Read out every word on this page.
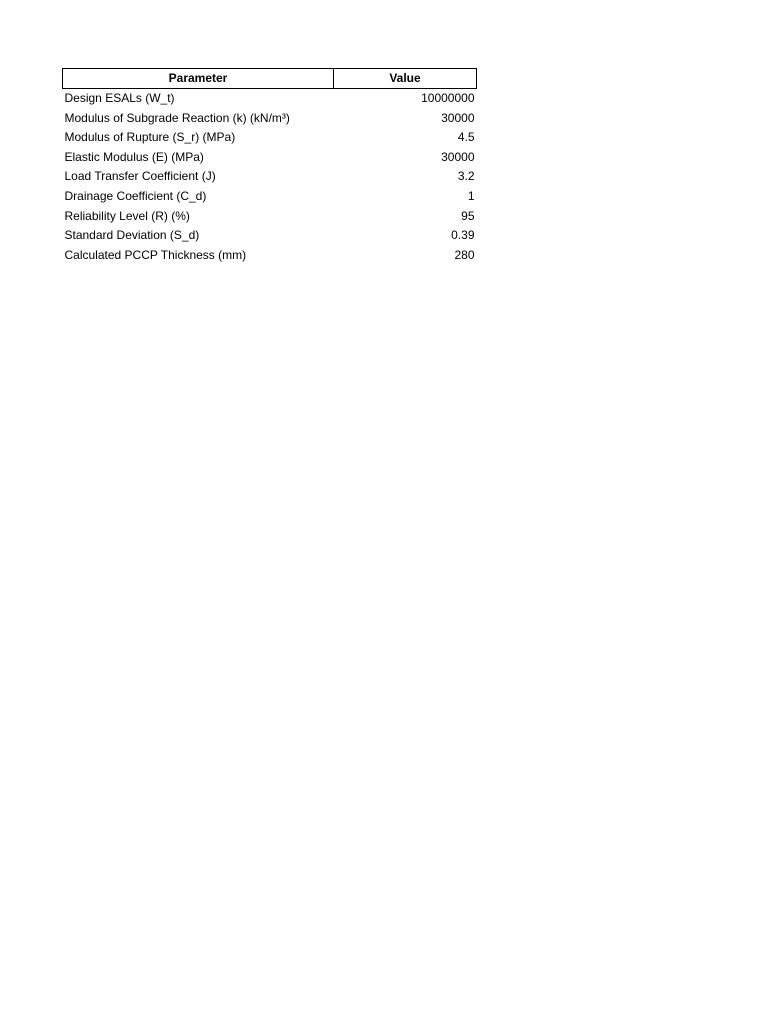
Parameter	Value
Design ESALs (W_t)	10000000
Modulus of Subgrade Reaction (k) (kN/m³)	30000
Modulus of Rupture (S_r) (MPa)	4.5
Elastic Modulus (E) (MPa)	30000
Load Transfer Coefficient (J)	3.2
Drainage Coefficient (C_d)	1
Reliability Level (R) (%)	95
Standard Deviation (S_d)	0.39
Calculated PCCP Thickness (mm)	280
